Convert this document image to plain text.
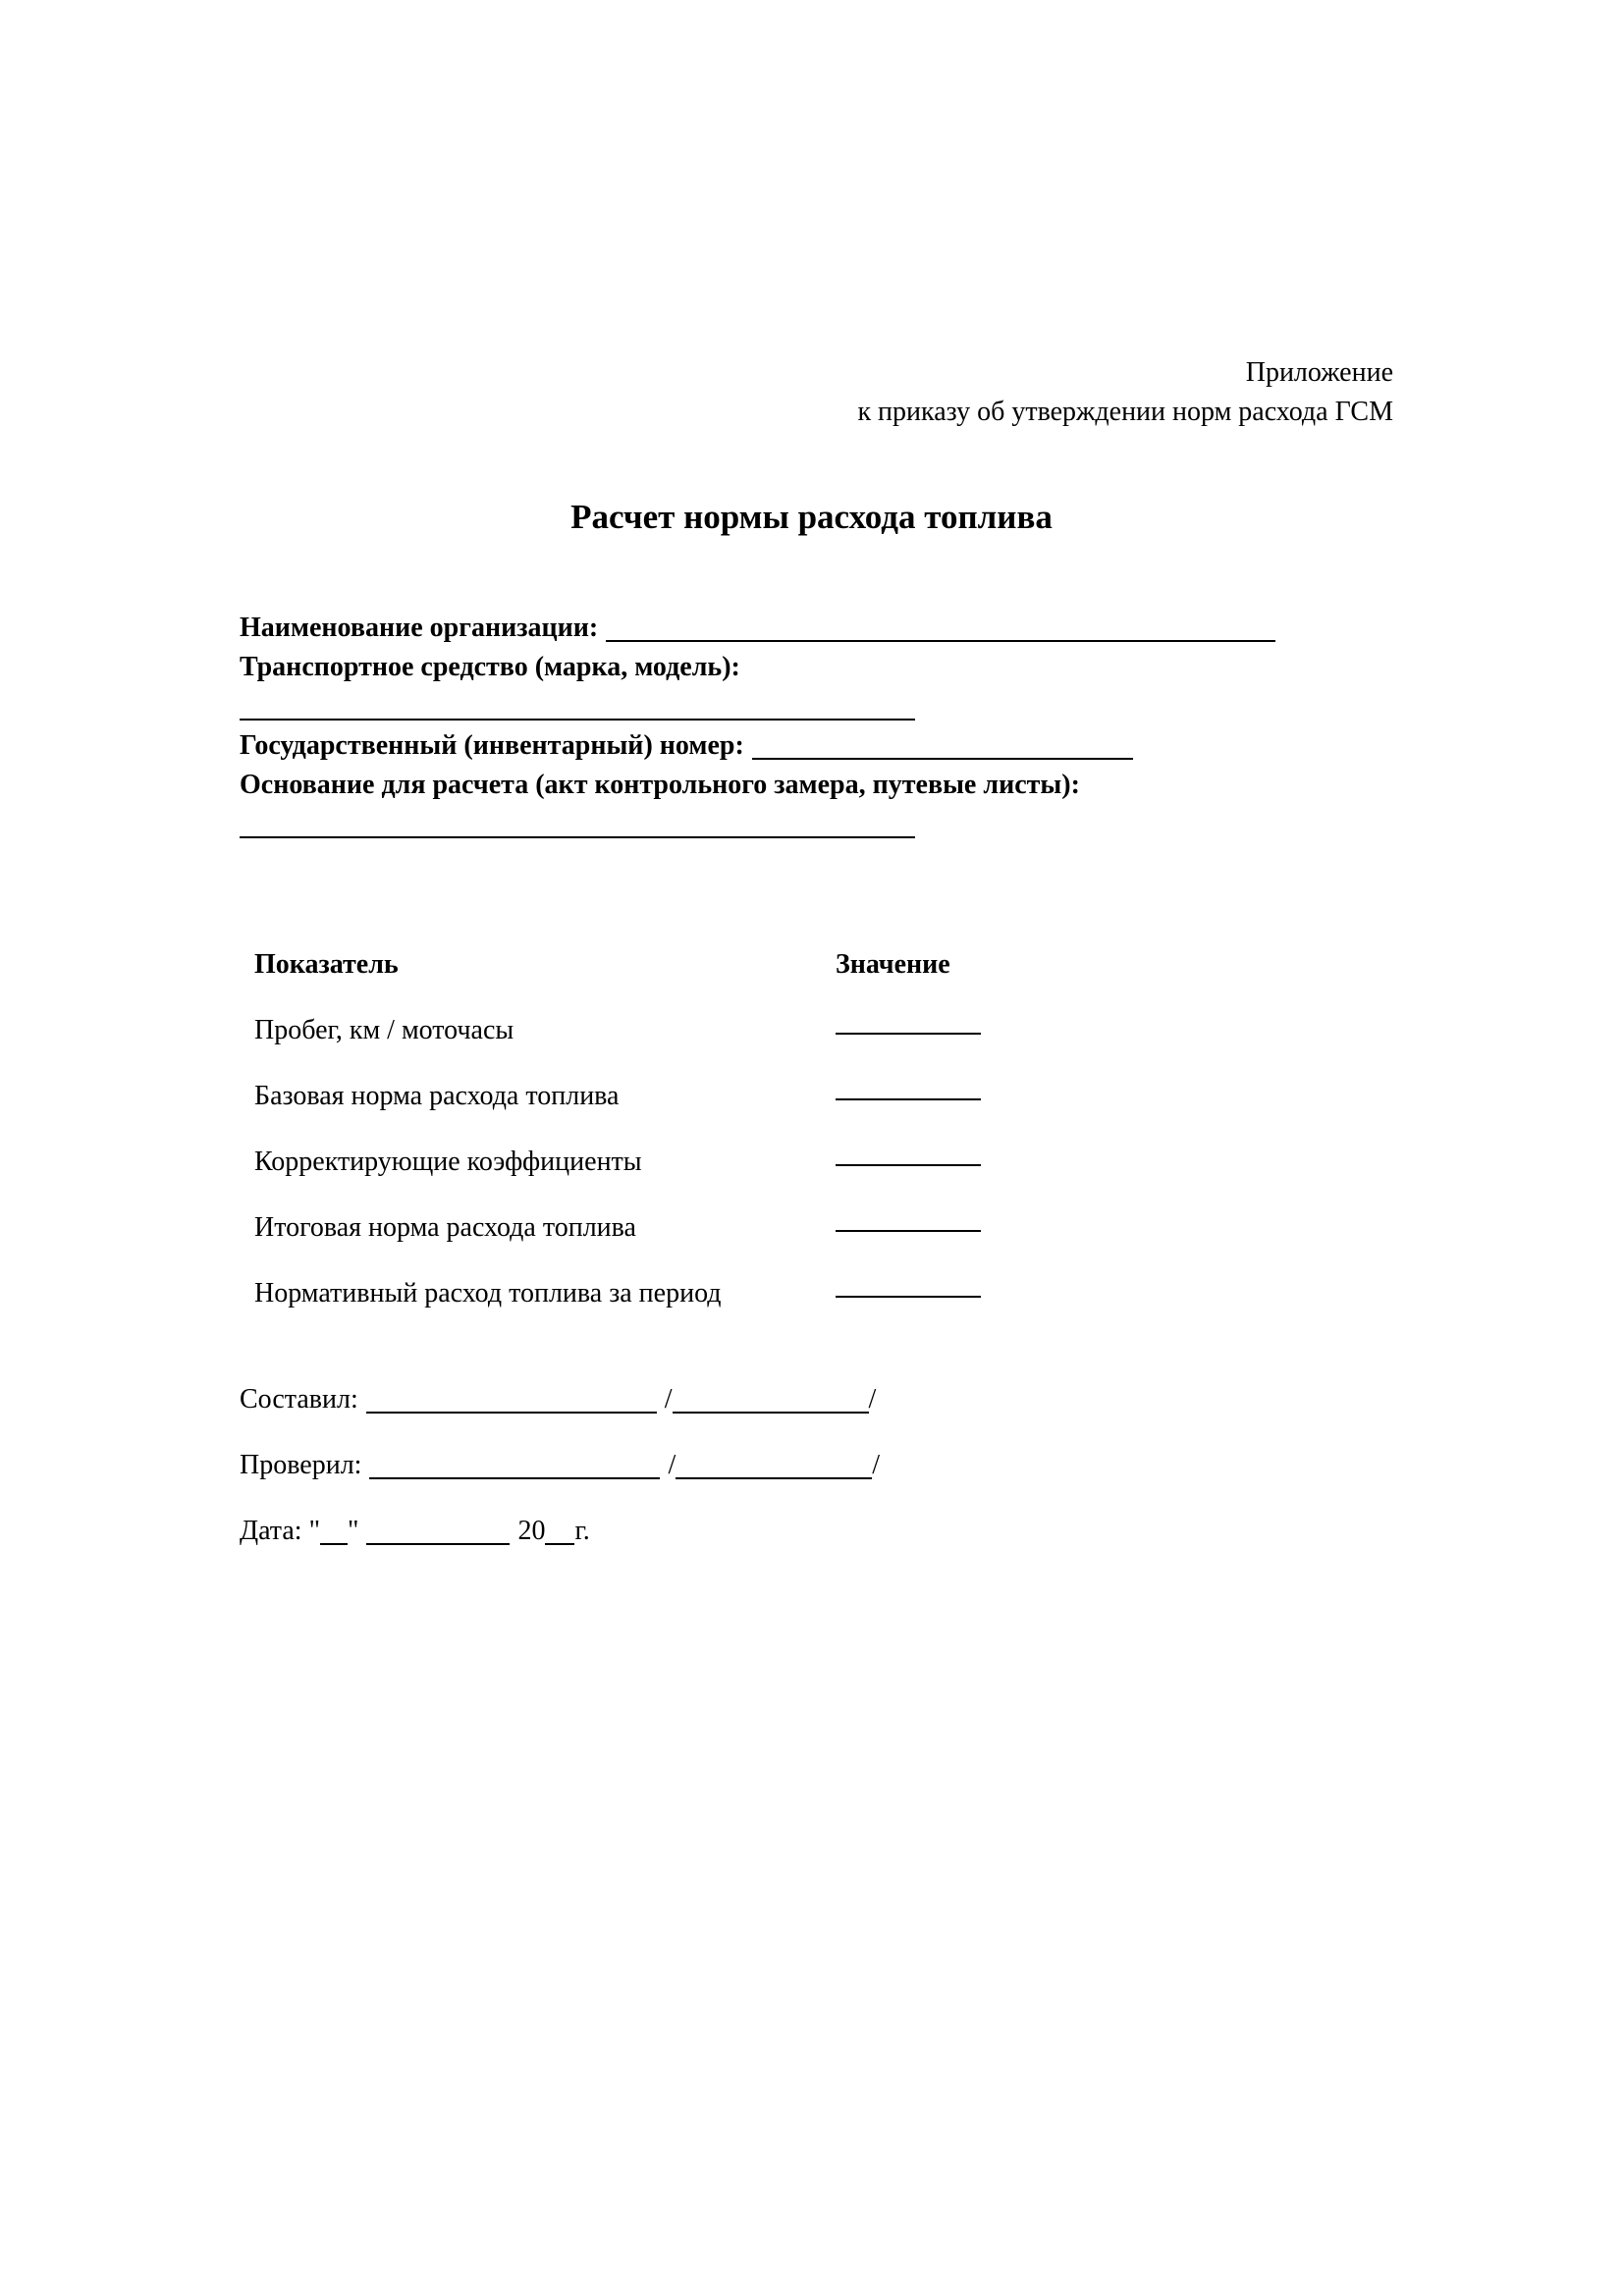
Приложение
к приказу об утверждении норм расхода ГСМ
Расчет нормы расхода топлива
Наименование организации:
Транспортное средство (марка, модель):
Государственный (инвентарный) номер:
Основание для расчета (акт контрольного замера, путевые листы):
Показатель	Значение
Пробег, км / моточасы
Базовая норма расхода топлива
Корректирующие коэффициенты
Итоговая норма расхода топлива
Нормативный расход топлива за период
Составил:	/	/
Проверил:	/	/
Дата: " "	20 г.
